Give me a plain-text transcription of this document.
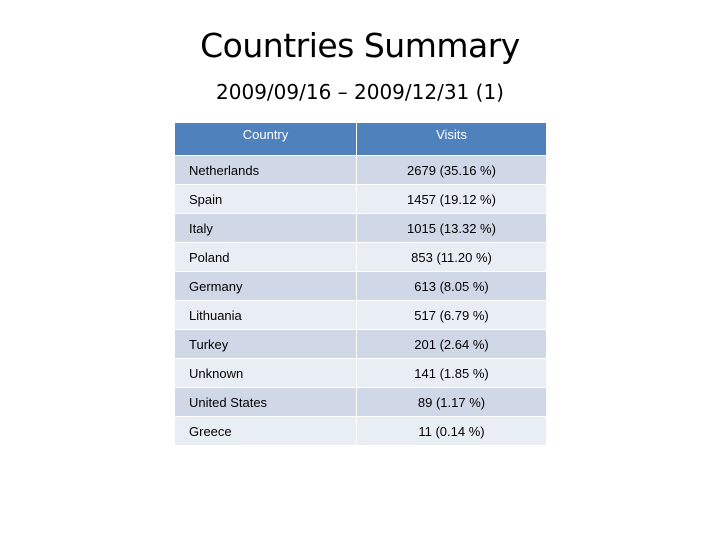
Countries Summary
2009/09/16 – 2009/12/31 (1)
Country	Visits
Netherlands	2679 (35.16 %)
Spain	1457 (19.12 %)
Italy	1015 (13.32 %)
Poland	853 (11.20 %)
Germany	613 (8.05 %)
Lithuania	517 (6.79 %)
Turkey	201 (2.64 %)
Unknown	141 (1.85 %)
United States	89 (1.17 %)
Greece	11 (0.14 %)
